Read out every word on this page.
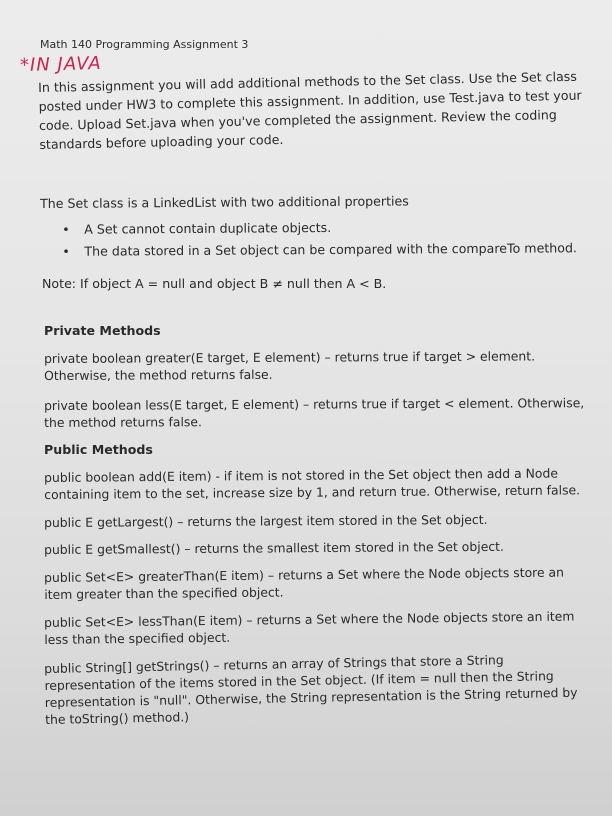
Math 140 Programming Assignment 3
*IN JAVA

In this assignment you will add additional methods to the Set class. Use the Set class posted under HW3 to complete this assignment. In addition, use Test.java to test your code. Upload Set.java when you've completed the assignment. Review the coding standards before uploading your code.

The Set class is a LinkedList with two additional properties

• A Set cannot contain duplicate objects.
• The data stored in a Set object can be compared with the compareTo method.
Note: If object A = null and object B ≠ null then A < B.
Private Methods

private boolean greater(E target, E element) – returns true if target > element. Otherwise, the method returns false.

private boolean less(E target, E element) – returns true if target < element. Otherwise, the method returns false.

Public Methods

public boolean add(E item) - if item is not stored in the Set object then add a Node containing item to the set, increase size by 1, and return true. Otherwise, return false.

public E getLargest() – returns the largest item stored in the Set object.

public E getSmallest() – returns the smallest item stored in the Set object.

public Set<E> greaterThan(E item) – returns a Set where the Node objects store an item greater than the specified object.

public Set<E> lessThan(E item) – returns a Set where the Node objects store an item less than the specified object.

public String[] getStrings() – returns an array of Strings that store a String representation of the items stored in the Set object. (If item = null then the String representation is "null". Otherwise, the String representation is the String returned by the toString() method.)
